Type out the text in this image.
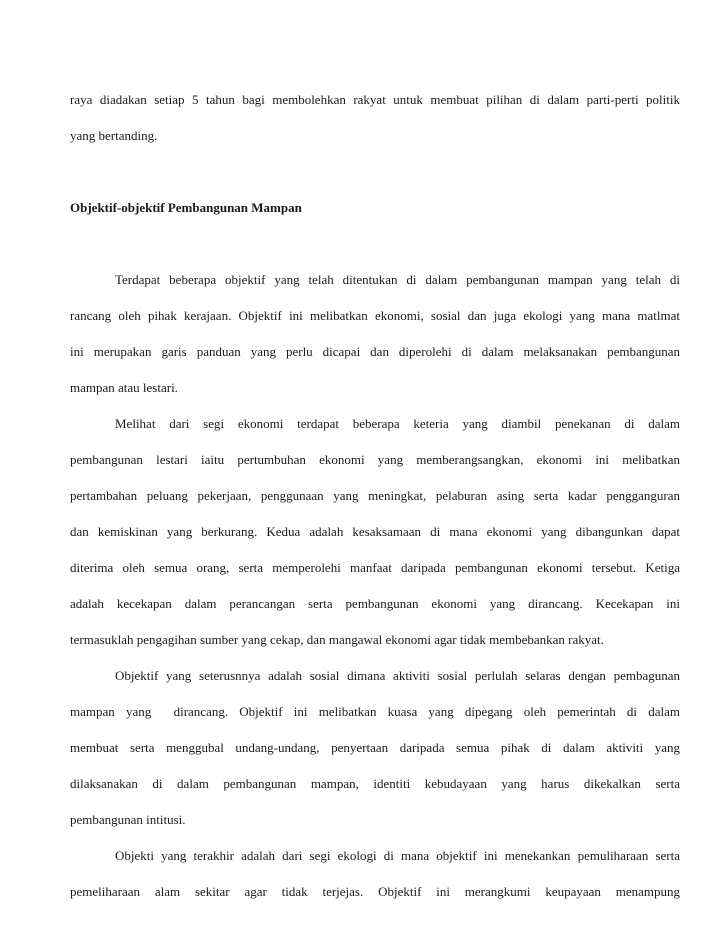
raya diadakan setiap 5 tahun bagi membolehkan rakyat untuk membuat pilihan di dalam parti-perti politik
yang bertanding.
Objektif-objektif Pembangunan Mampan
Terdapat beberapa objektif yang telah ditentukan di dalam pembangunan mampan yang telah di
rancang oleh pihak kerajaan. Objektif ini melibatkan ekonomi, sosial dan juga ekologi yang mana matlmat
ini merupakan garis panduan yang perlu dicapai dan diperolehi di dalam melaksanakan pembangunan
mampan atau lestari.
Melihat dari segi ekonomi terdapat beberapa keteria yang diambil penekanan di dalam
pembangunan lestari iaitu pertumbuhan ekonomi yang memberangsangkan, ekonomi ini melibatkan
pertambahan peluang pekerjaan, penggunaan yang meningkat, pelaburan asing serta kadar pengganguran
dan kemiskinan yang berkurang. Kedua adalah kesaksamaan di mana ekonomi yang dibangunkan dapat
diterima oleh semua orang, serta memperolehi manfaat daripada pembangunan ekonomi tersebut. Ketiga
adalah kecekapan dalam perancangan serta pembangunan ekonomi yang dirancang. Kecekapan ini
termasuklah pengagihan sumber yang cekap, dan mangawal ekonomi agar tidak membebankan rakyat.
Objektif yang seterusnnya adalah sosial dimana aktiviti sosial perlulah selaras dengan pembagunan
mampan yang  dirancang. Objektif ini melibatkan kuasa yang dipegang oleh pemerintah di dalam
membuat serta menggubal undang-undang, penyertaan daripada semua pihak di dalam aktiviti yang
dilaksanakan di dalam pembangunan mampan, identiti kebudayaan yang harus dikekalkan serta
pembangunan intitusi.
Objekti yang terakhir adalah dari segi ekologi di mana objektif ini menekankan pemuliharaan serta
pemeliharaan alam sekitar agar tidak terjejas. Objektif ini merangkumi keupayaan menampung
